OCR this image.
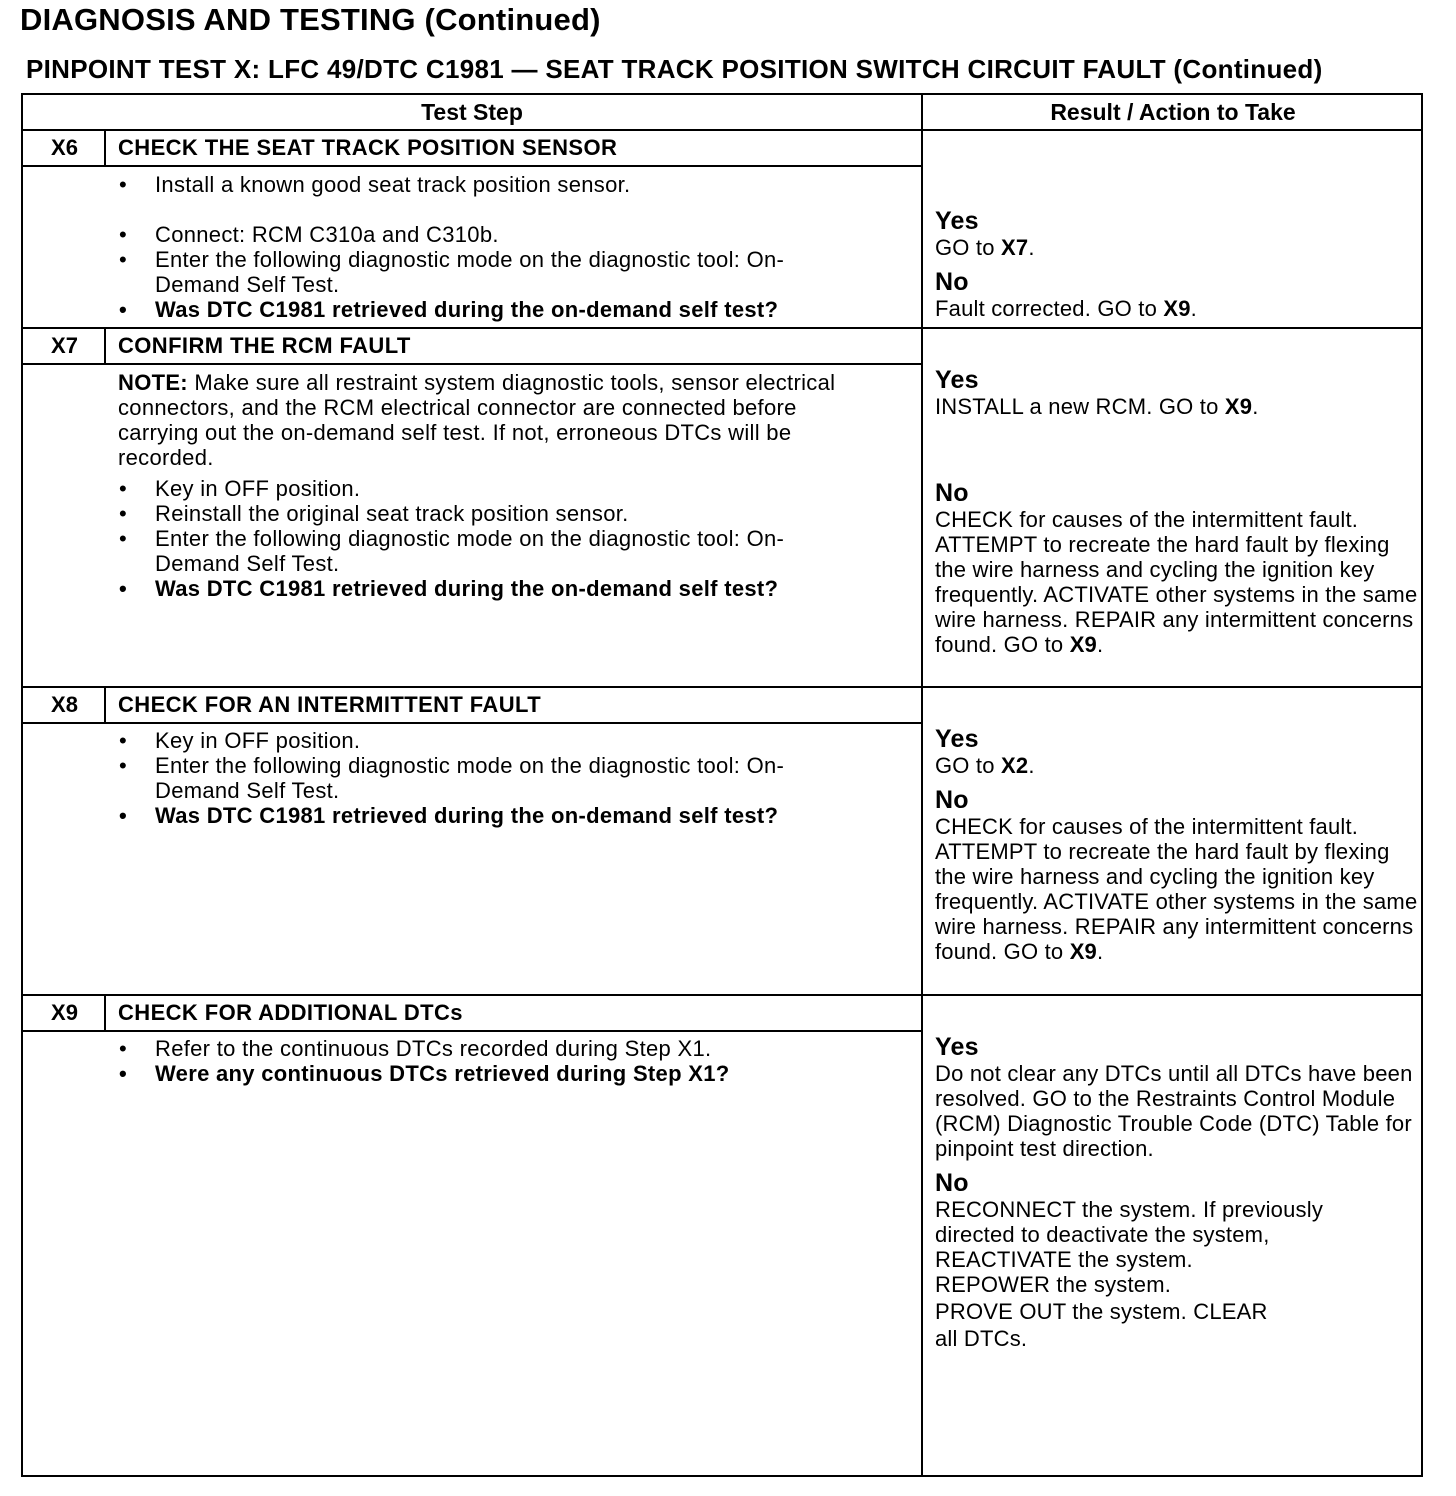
DIAGNOSIS AND TESTING (Continued)
PINPOINT TEST X: LFC 49/DTC C1981 — SEAT TRACK POSITION SWITCH CIRCUIT FAULT (Continued)
Test Step	Result / Action to Take
X6	CHECK THE SEAT TRACK POSITION SENSOR
• Install a known good seat track position sensor.
• Connect: RCM C310a and C310b.
• Enter the following diagnostic mode on the diagnostic tool: On-Demand Self Test.
• Was DTC C1981 retrieved during the on-demand self test?
Yes
GO to X7.
No
Fault corrected. GO to X9.
X7	CONFIRM THE RCM FAULT
NOTE: Make sure all restraint system diagnostic tools, sensor electrical connectors, and the RCM electrical connector are connected before carrying out the on-demand self test. If not, erroneous DTCs will be recorded.
• Key in OFF position.
• Reinstall the original seat track position sensor.
• Enter the following diagnostic mode on the diagnostic tool: On-Demand Self Test.
• Was DTC C1981 retrieved during the on-demand self test?
Yes
INSTALL a new RCM. GO to X9.
No
CHECK for causes of the intermittent fault. ATTEMPT to recreate the hard fault by flexing the wire harness and cycling the ignition key frequently. ACTIVATE other systems in the same wire harness. REPAIR any intermittent concerns found. GO to X9.
X8	CHECK FOR AN INTERMITTENT FAULT
• Key in OFF position.
• Enter the following diagnostic mode on the diagnostic tool: On-Demand Self Test.
• Was DTC C1981 retrieved during the on-demand self test?
Yes
GO to X2.
No
CHECK for causes of the intermittent fault. ATTEMPT to recreate the hard fault by flexing the wire harness and cycling the ignition key frequently. ACTIVATE other systems in the same wire harness. REPAIR any intermittent concerns found. GO to X9.
X9	CHECK FOR ADDITIONAL DTCs
• Refer to the continuous DTCs recorded during Step X1.
• Were any continuous DTCs retrieved during Step X1?
Yes
Do not clear any DTCs until all DTCs have been resolved. GO to the Restraints Control Module (RCM) Diagnostic Trouble Code (DTC) Table for pinpoint test direction.
No
RECONNECT the system. If previously
directed to deactivate the system,
REACTIVATE the system.
REPOWER the system.
PROVE OUT the system. CLEAR
all DTCs.
